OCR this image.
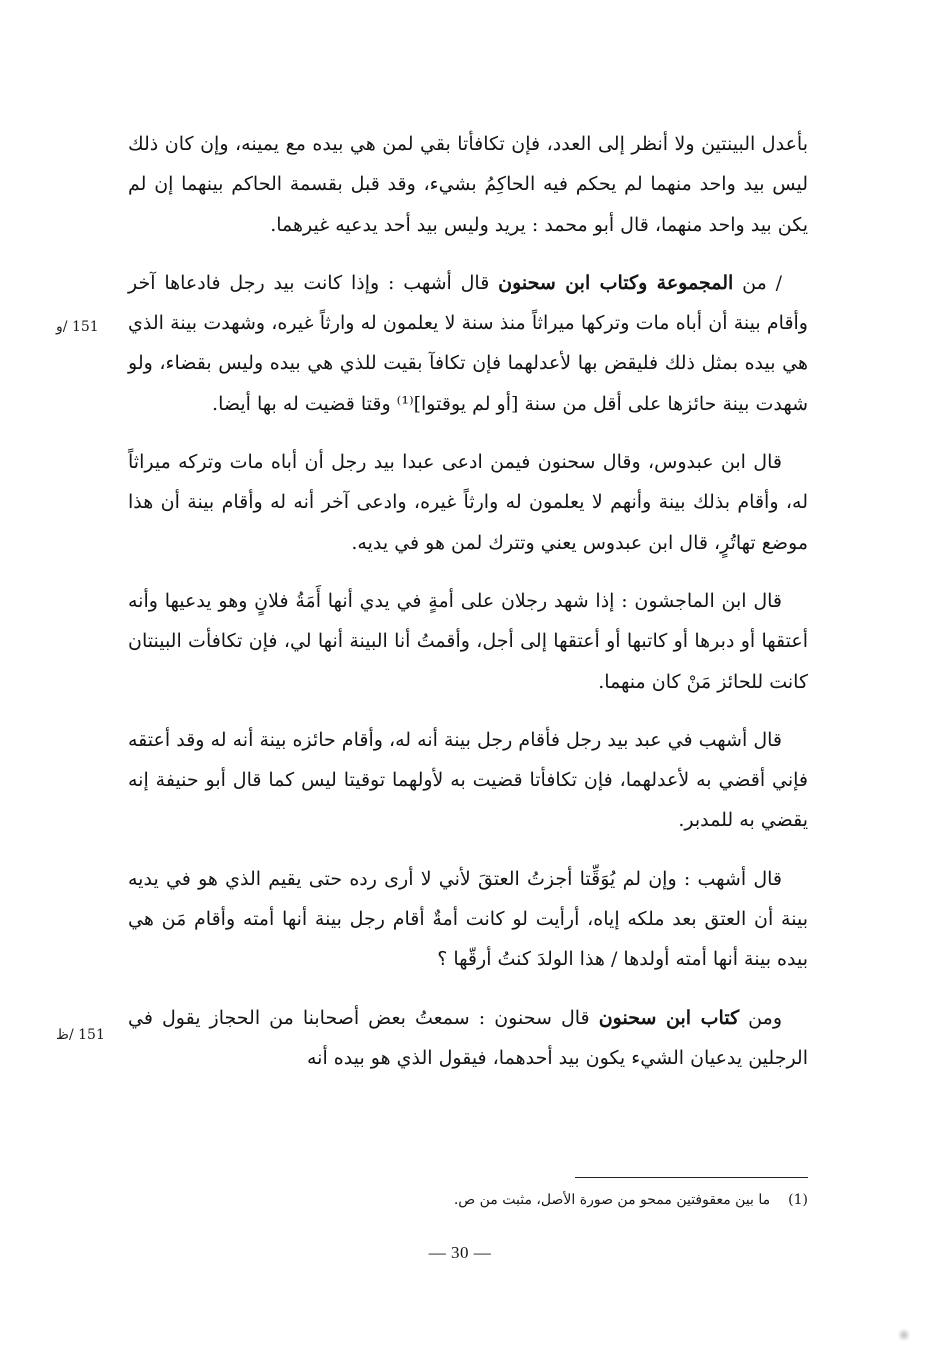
بأعدل البينتين ولا أنظر إلى العدد، فإن تكافأتا بقي لمن هي بيده مع يمينه، وإن كان ذلك ليس بيد واحد منهما لم يحكم فيه الحاكِمُ بشيء، وقد قبل بقسمة الحاكم بينهما إن لم يكن بيد واحد منهما، قال أبو محمد : يريد وليس بيد أحد يدعيه غيرهما.

/ من المجموعة وكتاب ابن سحنون قال أشهب : وإذا كانت بيد رجل فادعاها آخر وأقام بينة أن أباه مات وتركها ميراثاً منذ سنة لا يعلمون له وارثاً غيره، وشهدت بينة الذي هي بيده بمثل ذلك فليقض بها لأعدلهما فإن تكافآ بقيت للذي هي بيده وليس بقضاء، ولو شهدت بينة حائزها على أقل من سنة [أو لم يوقتوا]⁽¹⁾ وقتا قضيت له بها أيضا.

قال ابن عبدوس، وقال سحنون فيمن ادعى عبدا بيد رجل أن أباه مات وتركه ميراثاً له، وأقام بذلك بينة وأنهم لا يعلمون له وارثاً غيره، وادعى آخر أنه له وأقام بينة أن هذا موضع تهاتُرٍ، قال ابن عبدوس يعني وتترك لمن هو في يديه.

قال ابن الماجشون : إذا شهد رجلان على أمةٍ في يدي أنها أَمَةُ فلانٍ وهو يدعيها وأنه أعتقها أو دبرها أو كاتبها أو أعتقها إلى أجل، وأقمتُ أنا البينة أنها لي، فإن تكافأت البينتان كانت للحائز مَنْ كان منهما.

قال أشهب في عبد بيد رجل فأقام رجل بينة أنه له، وأقام حائزه بينة أنه له وقد أعتقه فإني أقضي به لأعدلهما، فإن تكافأتا قضيت به لأولهما توقيتا ليس كما قال أبو حنيفة إنه يقضي به للمدبر.

قال أشهب : وإن لم يُوَقِّتا أجزتُ العتقَ لأني لا أرى رده حتى يقيم الذي هو في يديه بينة أن العتق بعد ملكه إياه، أرأيت لو كانت أمةٌ أقام رجل بينة أنها أمته وأقام مَن هي بيده بينة أنها أمته أولدها / هذا الولدَ كنتُ أرقّها ؟

ومن كتاب ابن سحنون قال سحنون : سمعتُ بعض أصحابنا من الحجاز يقول في الرجلين يدعيان الشيء يكون بيد أحدهما، فيقول الذي هو بيده أنه

151 /و
151 /ظ
(1)ما بين معقوفتين ممحو من صورة الأصل، مثبت من ص.
— 30 —
